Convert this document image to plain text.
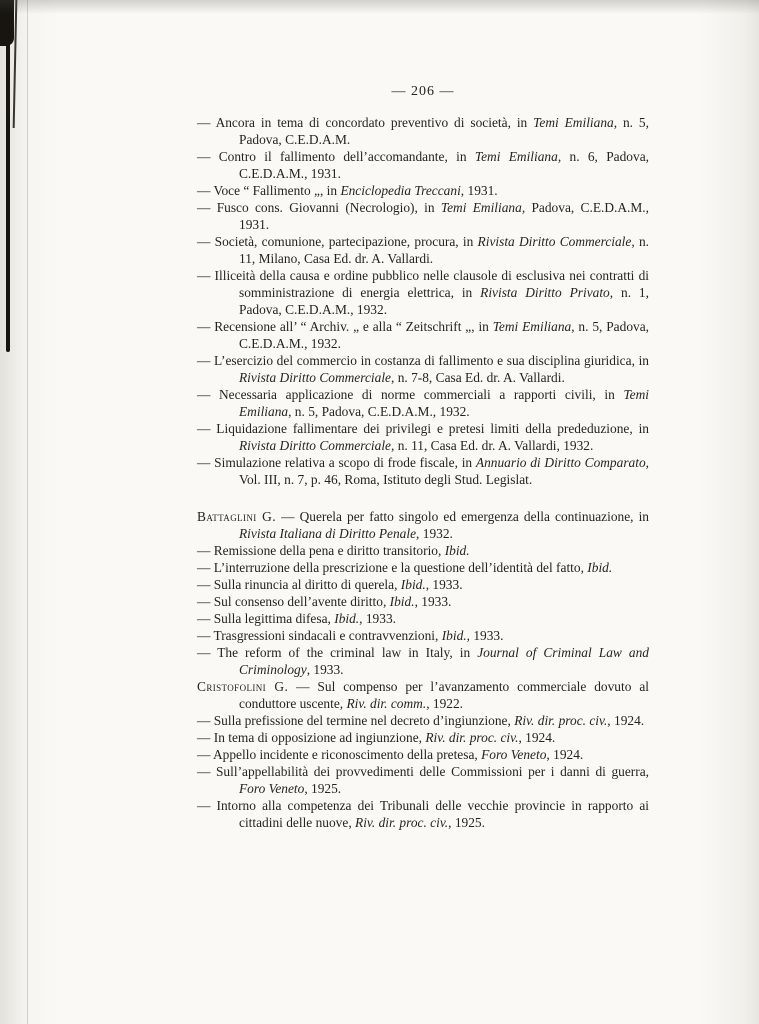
— 206 —

— Ancora in tema di concordato preventivo di società, in Temi Emiliana, n. 5, Padova, C.E.D.A.M.

— Contro il fallimento dell’accomandante, in Temi Emiliana, n. 6, Padova, C.E.D.A.M., 1931.

— Voce “ Fallimento „, in Enciclopedia Treccani, 1931.

— Fusco cons. Giovanni (Necrologio), in Temi Emiliana, Padova, C.E.D.A.M., 1931.

— Società, comunione, partecipazione, procura, in Rivista Diritto Commerciale, n. 11, Milano, Casa Ed. dr. A. Vallardi.

— Illiceità della causa e ordine pubblico nelle clausole di esclusiva nei contratti di somministrazione di energia elettrica, in Rivista Diritto Privato, n. 1, Padova, C.E.D.A.M., 1932.

— Recensione all’ “ Archiv. „ e alla “ Zeitschrift „, in Temi Emiliana, n. 5, Padova, C.E.D.A.M., 1932.

— L’esercizio del commercio in costanza di fallimento e sua disciplina giuridica, in Rivista Diritto Commerciale, n. 7-8, Casa Ed. dr. A. Vallardi.

— Necessaria applicazione di norme commerciali a rapporti civili, in Temi Emiliana, n. 5, Padova, C.E.D.A.M., 1932.

— Liquidazione fallimentare dei privilegi e pretesi limiti della prededuzione, in Rivista Diritto Commerciale, n. 11, Casa Ed. dr. A. Vallardi, 1932.

— Simulazione relativa a scopo di frode fiscale, in Annuario di Diritto Comparato, Vol. III, n. 7, p. 46, Roma, Istituto degli Stud. Legislat.

Battaglini G. — Querela per fatto singolo ed emergenza della continuazione, in Rivista Italiana di Diritto Penale, 1932.

— Remissione della pena e diritto transitorio, Ibid.

— L’interruzione della prescrizione e la questione dell’identità del fatto, Ibid.

— Sulla rinuncia al diritto di querela, Ibid., 1933.

— Sul consenso dell’avente diritto, Ibid., 1933.

— Sulla legittima difesa, Ibid., 1933.

— Trasgressioni sindacali e contravvenzioni, Ibid., 1933.

— The reform of the criminal law in Italy, in Journal of Criminal Law and Criminology, 1933.

Cristofolini G. — Sul compenso per l’avanzamento commerciale dovuto al conduttore uscente, Riv. dir. comm., 1922.

— Sulla prefissione del termine nel decreto d’ingiunzione, Riv. dir. proc. civ., 1924.

— In tema di opposizione ad ingiunzione, Riv. dir. proc. civ., 1924.

— Appello incidente e riconoscimento della pretesa, Foro Veneto, 1924.

— Sull’appellabilità dei provvedimenti delle Commissioni per i danni di guerra, Foro Veneto, 1925.

— Intorno alla competenza dei Tribunali delle vecchie provincie in rapporto ai cittadini delle nuove, Riv. dir. proc. civ., 1925.
